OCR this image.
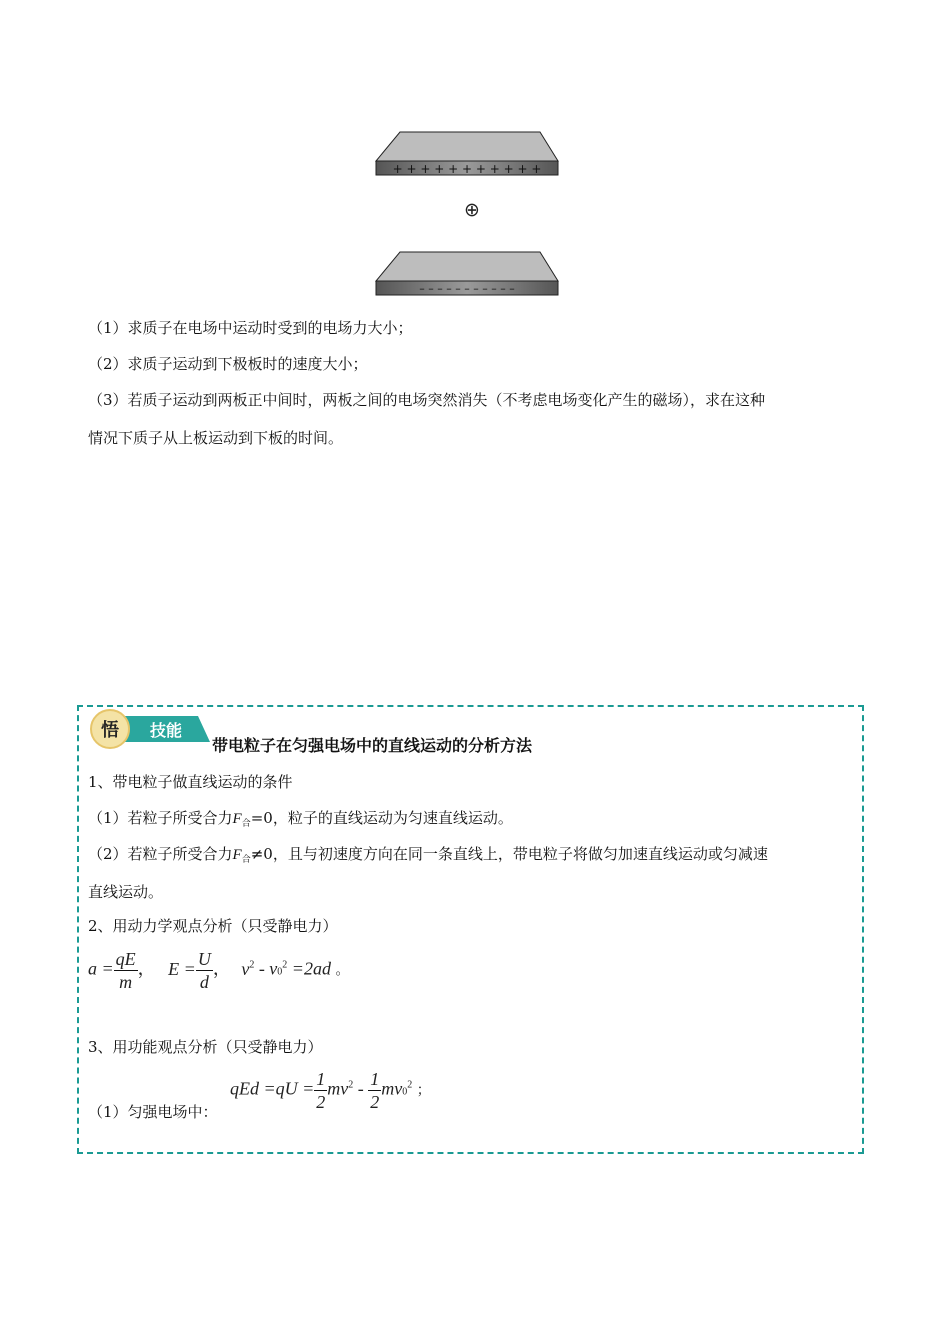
+ + + + + + + + + + +
⊕
– – – – – – – – – – –
（1）求质子在电场中运动时受到的电场力大小；
（2）求质子运动到下极板时的速度大小；
（3）若质子运动到两板正中间时，两板之间的电场突然消失（不考虑电场变化产生的磁场），求在这种
情况下质子从上板运动到下板的时间。
悟 技能
带电粒子在匀强电场中的直线运动的分析方法
1、带电粒子做直线运动的条件
（1）若粒子所受合力$F_合=0$，粒子的直线运动为匀速直线运动。
（2）若粒子所受合力$F_合\ne 0$，且与初速度方向在同一条直线上，带电粒子将做匀加速直线运动或匀减速
直线运动。
2、用动力学观点分析（只受静电力）
$a = \frac{qE}{m}$ ， $E = \frac{U}{d}$ ， $v^2 - v0^2 =2ad$ 。
3、用功能观点分析（只受静电力）
（1）匀强电场中：
qEd $=qU = \frac{1}{2} mv^2 - \frac{1}{2} mv0^2$ ；
